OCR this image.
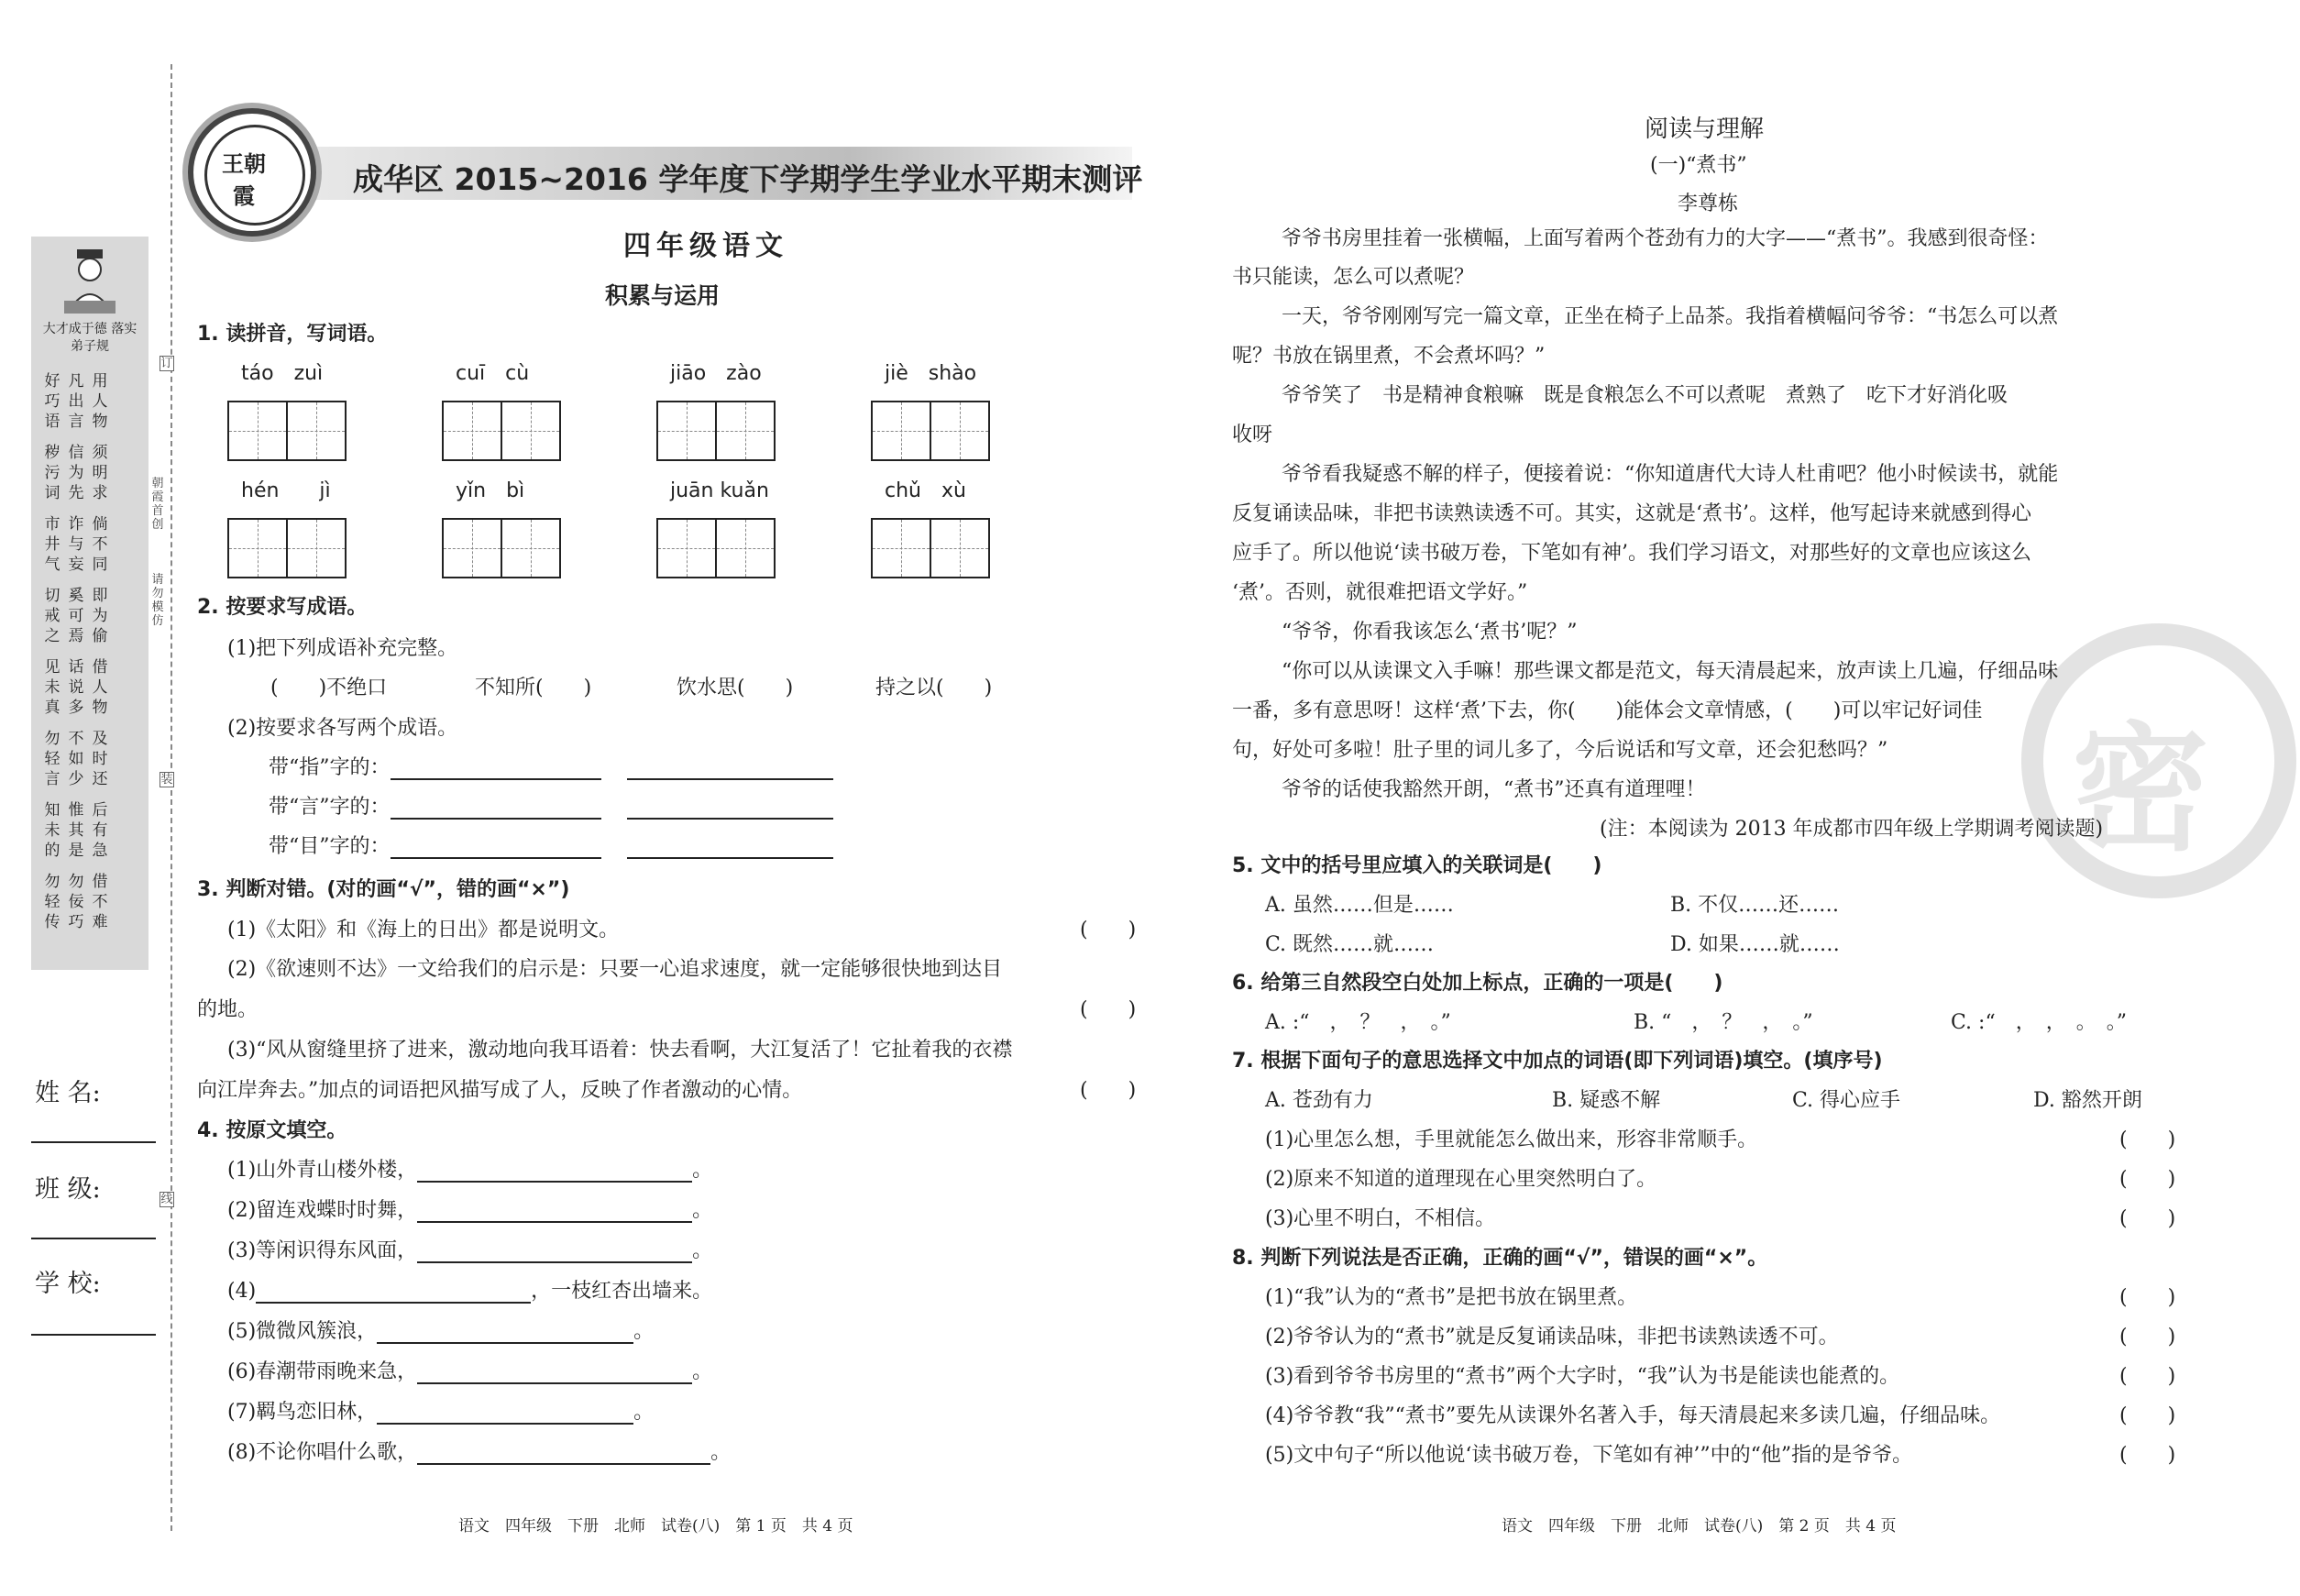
大才成于德 落实弟子规
好巧语
凡出言
用人物
秽污词
信为先
须明求
市井气
诈与妄
倘不同
切戒之
奚可焉
即为偷
见未真
话说多
借人物
勿轻言
不如少
及时还
知未的
惟其是
后有急
勿轻传
勿佞巧
借不难
姓 名:
班 级:
学 校:
订
朝霞首创
请勿模仿
装
线
王朝霞	成华区 2015~2016 学年度下学期学生学业水平期末测评
四年级语文
积累与运用
1. 读拼音，写词语。
táo　zuì	cuī　cù	jiāo　zào	jiè　shào
hén　　jì	yǐn　bì	juān kuǎn	chǔ　xù
2. 按要求写成语。
(1)把下列成语补充完整。
(　　)不绝口	不知所(　　)	饮水思(　　)	持之以(　　)
(2)按要求各写两个成语。
带“指”字的：
带“言”字的：
带“目”字的：
3. 判断对错。(对的画“√”，错的画“×”)
(1)《太阳》和《海上的日出》都是说明文。	(　　)
(2)《欲速则不达》一文给我们的启示是：只要一心追求速度，就一定能够很快地到达目
的地。	(　　)
(3)“风从窗缝里挤了进来，激动地向我耳语着：快去看啊，大江复活了！它扯着我的衣襟
向江岸奔去。”加点的词语把风描写成了人，反映了作者激动的心情。	(　　)
4. 按原文填空。
(1)山外青山楼外楼，	。
(2)留连戏蝶时时舞，	。
(3)等闲识得东风面，	。
(4)	，一枝红杏出墙来。
(5)微微风簇浪，	。
(6)春潮带雨晚来急，	。
(7)羁鸟恋旧林，	。
(8)不论你唱什么歌，	。
语文　四年级　下册　北师　试卷(八)　第 1 页　共 4 页
密
阅读与理解
(一)“煮书”
李尊栋
爷爷书房里挂着一张横幅，上面写着两个苍劲有力的大字——“煮书”。我感到很奇怪：
书只能读，怎么可以煮呢？
一天，爷爷刚刚写完一篇文章，正坐在椅子上品茶。我指着横幅问爷爷：“书怎么可以煮
呢？书放在锅里煮，不会煮坏吗？”
爷爷笑了　书是精神食粮嘛　既是食粮怎么不可以煮呢　煮熟了　吃下才好消化吸
收呀
爷爷看我疑惑不解的样子，便接着说：“你知道唐代大诗人杜甫吧？他小时候读书，就能
反复诵读品味，非把书读熟读透不可。其实，这就是‘煮书’。这样，他写起诗来就感到得心
应手了。所以他说‘读书破万卷，下笔如有神’。我们学习语文，对那些好的文章也应该这么
‘煮’。否则，就很难把语文学好。”
“爷爷，你看我该怎么‘煮书’呢？”
“你可以从读课文入手嘛！那些课文都是范文，每天清晨起来，放声读上几遍，仔细品味
一番，多有意思呀！这样‘煮’下去，你(　　)能体会文章情感，(　　)可以牢记好词佳
句，好处可多啦！肚子里的词儿多了，今后说话和写文章，还会犯愁吗？”
爷爷的话使我豁然开朗，“煮书”还真有道理哩！
(注：本阅读为 2013 年成都市四年级上学期调考阅读题)
5. 文中的括号里应填入的关联词是(　　)
A. 虽然……但是……	B. 不仅……还……
C. 既然……就……	D. 如果……就……
6. 给第三自然段空白处加上标点，正确的一项是(　　)
A. :“　，　？　，　。”	B. “　，　？　，　。”	C. :“　，　，　。　。”
7. 根据下面句子的意思选择文中加点的词语(即下列词语)填空。(填序号)
A. 苍劲有力	B. 疑惑不解	C. 得心应手	D. 豁然开朗
(1)心里怎么想，手里就能怎么做出来，形容非常顺手。	(　　)
(2)原来不知道的道理现在心里突然明白了。	(　　)
(3)心里不明白，不相信。	(　　)
8. 判断下列说法是否正确，正确的画“√”，错误的画“×”。
(1)“我”认为的“煮书”是把书放在锅里煮。	(　　)
(2)爷爷认为的“煮书”就是反复诵读品味，非把书读熟读透不可。	(　　)
(3)看到爷爷书房里的“煮书”两个大字时，“我”认为书是能读也能煮的。	(　　)
(4)爷爷教“我”“煮书”要先从读课外名著入手，每天清晨起来多读几遍，仔细品味。	(　　)
(5)文中句子“所以他说‘读书破万卷，下笔如有神’”中的“他”指的是爷爷。	(　　)
语文　四年级　下册　北师　试卷(八)　第 2 页　共 4 页
